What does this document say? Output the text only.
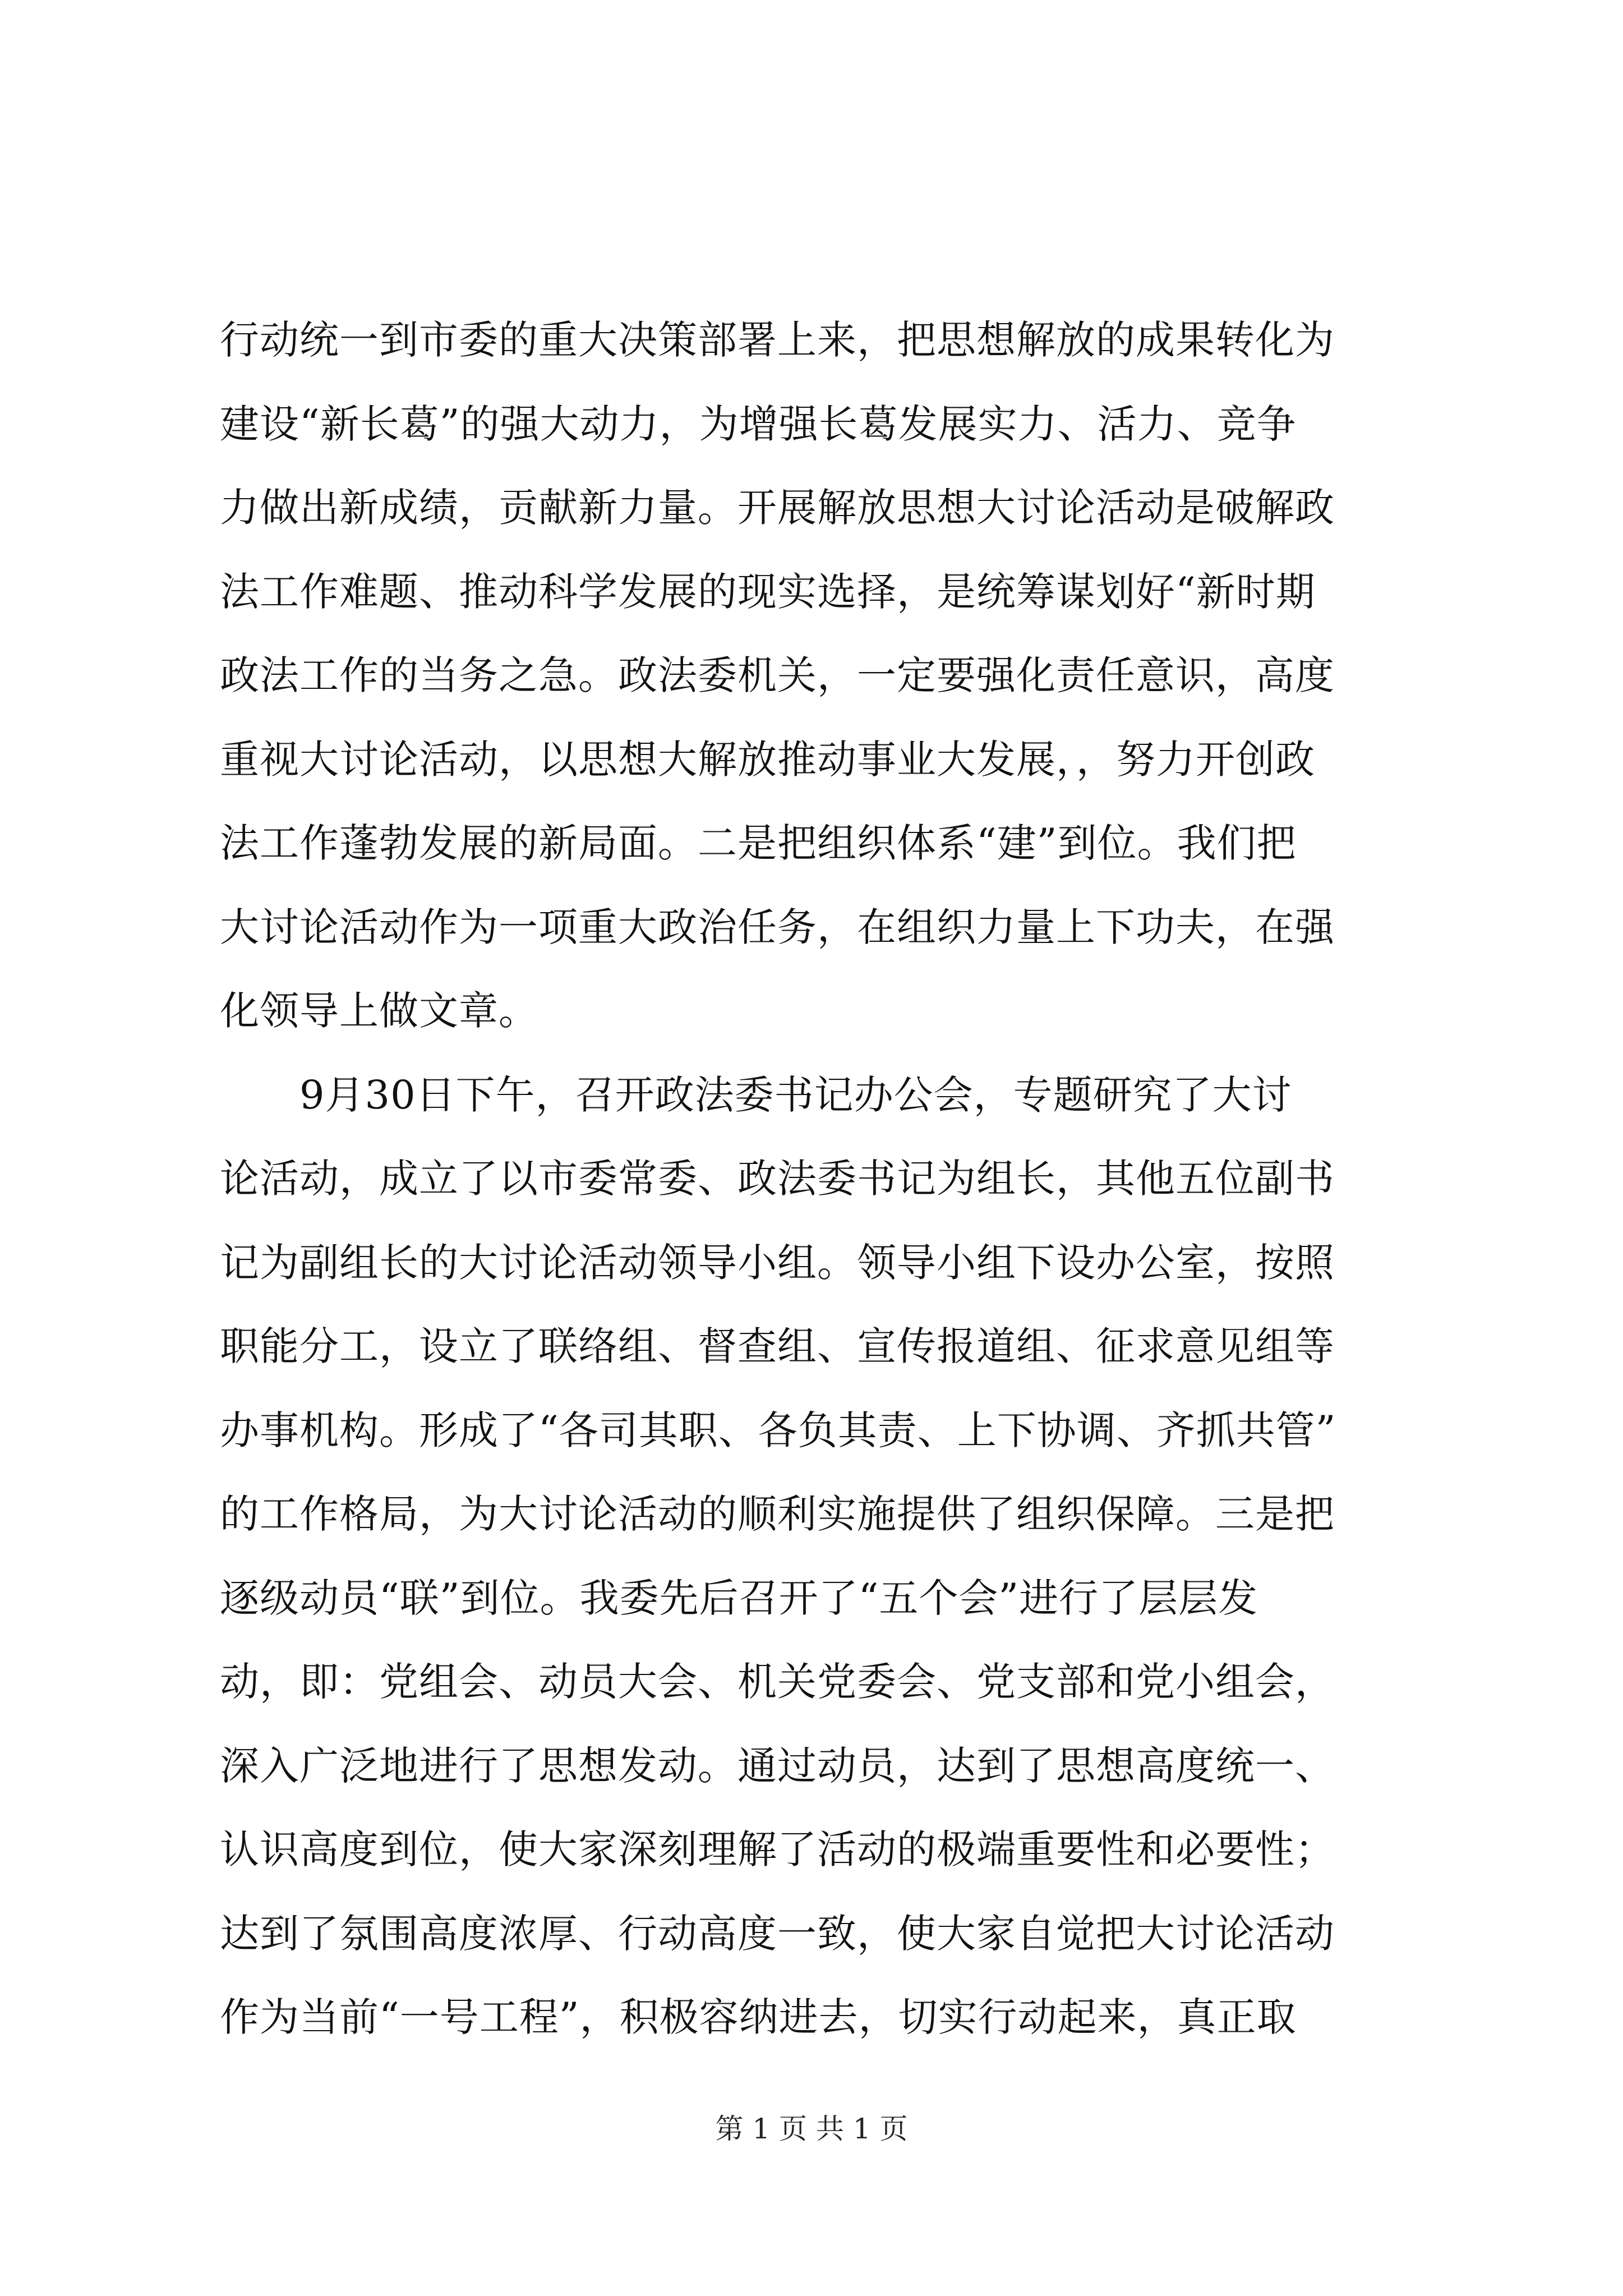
行动统一到市委的重大决策部署上来，把思想解放的成果转化为
建设“新长葛”的强大动力，为增强长葛发展实力、活力、竞争
力做出新成绩，贡献新力量。开展解放思想大讨论活动是破解政
法工作难题、推动科学发展的现实选择，是统筹谋划好“新时期
政法工作的当务之急。政法委机关，一定要强化责任意识，高度
重视大讨论活动，以思想大解放推动事业大发展，，努力开创政
法工作蓬勃发展的新局面。二是把组织体系“建”到位。我们把
大讨论活动作为一项重大政治任务，在组织力量上下功夫，在强
化领导上做文章。
　　9月30日下午，召开政法委书记办公会，专题研究了大讨
论活动，成立了以市委常委、政法委书记为组长，其他五位副书
记为副组长的大讨论活动领导小组。领导小组下设办公室，按照
职能分工，设立了联络组、督查组、宣传报道组、征求意见组等
办事机构。形成了“各司其职、各负其责、上下协调、齐抓共管”
的工作格局，为大讨论活动的顺利实施提供了组织保障。三是把
逐级动员“联”到位。我委先后召开了“五个会”进行了层层发
动，即：党组会、动员大会、机关党委会、党支部和党小组会，
深入广泛地进行了思想发动。通过动员，达到了思想高度统一、
认识高度到位，使大家深刻理解了活动的极端重要性和必要性；
达到了氛围高度浓厚、行动高度一致，使大家自觉把大讨论活动
作为当前“一号工程”，积极容纳进去，切实行动起来，真正取
第 1 页 共 1 页
